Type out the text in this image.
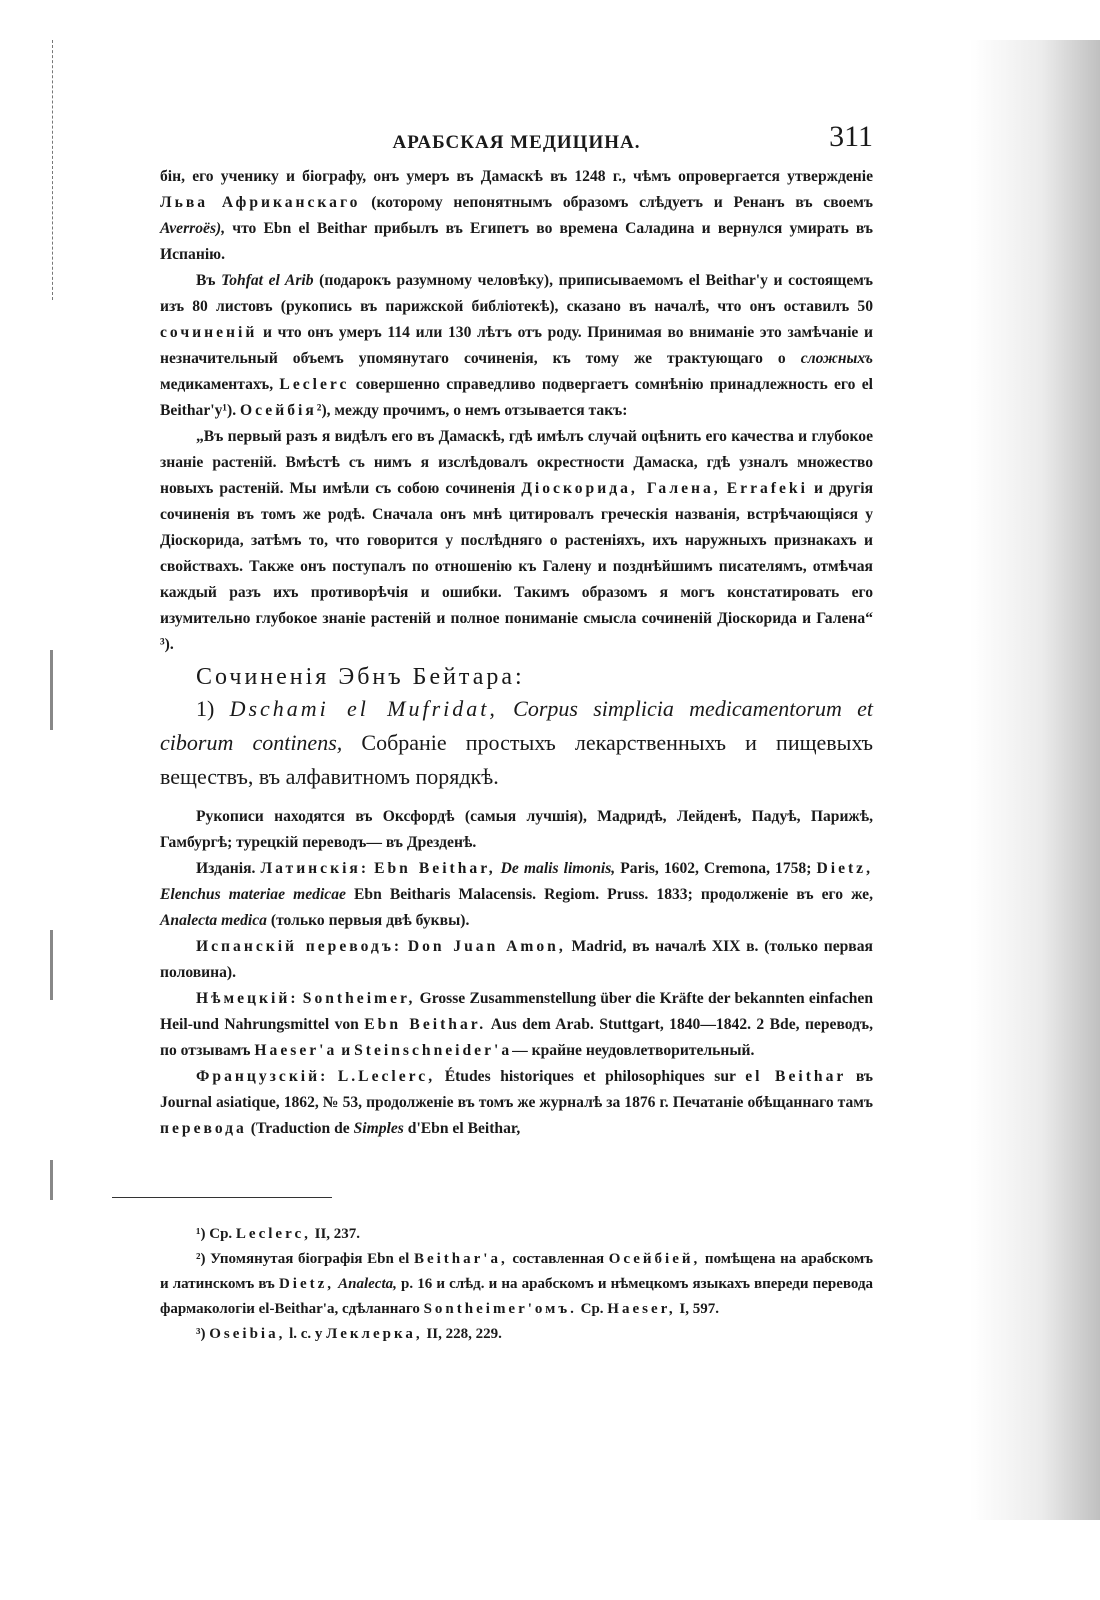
АРАБСКАЯ МЕДИЦИНА.	311

бін, его ученику и біографу, онъ умеръ въ Дамаскѣ въ 1248 г., чѣмъ опровергается утвержденіе Льва Африканскаго (которому непонятнымъ образомъ слѣдуетъ и Ренанъ въ своемъ Averroës), что Ebn el Beithar прибылъ въ Египетъ во времена Саладина и вернулся умирать въ Испанію.

Въ Tohfat el Arib (подарокъ разумному человѣку), приписываемомъ el Beithar'у и состоящемъ изъ 80 листовъ (рукопись въ парижской библіотекѣ), сказано въ началѣ, что онъ оставилъ 50 сочиненій и что онъ умеръ 114 или 130 лѣтъ отъ роду. Принимая во вниманіе это замѣчаніе и незначительный объемъ упомянутаго сочиненія, къ тому же трактующаго о сложныхъ медикаментахъ, Leclerc совершенно справедливо подвергаетъ сомнѣнію принадлежность его el Beithar'у¹). Осейбія²), между прочимъ, о немъ отзывается такъ:

„Въ первый разъ я видѣлъ его въ Дамаскѣ, гдѣ имѣлъ случай оцѣнить его качества и глубокое знаніе растеній. Вмѣстѣ съ нимъ я изслѣдовалъ окрестности Дамаска, гдѣ узналъ множество новыхъ растеній. Мы имѣли съ собою сочиненія Діоскорида, Галена, Errafeki и другія сочиненія въ томъ же родѣ. Сначала онъ мнѣ цитировалъ греческія названія, встрѣчающіяся у Діоскорида, затѣмъ то, что говорится у послѣдняго о растеніяхъ, ихъ наружныхъ признакахъ и свойствахъ. Также онъ поступалъ по отношенію къ Галену и позднѣйшимъ писателямъ, отмѣчая каждый разъ ихъ противорѣчія и ошибки. Такимъ образомъ я могъ констатировать его изумительно глубокое знаніе растеній и полное пониманіе смысла сочиненій Діоскорида и Галена“ ³).

Сочиненія Эбнъ Бейтара:
1) Dschami el Mufridat, Corpus simplicia medicamentorum et ciborum continens, Собраніе простыхъ лекарственныхъ и пищевыхъ веществъ, въ алфавитномъ порядкѣ.

Рукописи находятся въ Оксфордѣ (самыя лучшія), Мадридѣ, Лейденѣ, Падуѣ, Парижѣ, Гамбургѣ; турецкій переводъ— въ Дрезденѣ.

Изданія. Латинскія: Ebn Beithar, De malis limonis, Paris, 1602, Cremona, 1758; Dietz, Elenchus materiae medicae Ebn Beitharis Malacensis. Regiom. Pruss. 1833; продолженіе въ его же, Analecta medica (только первыя двѣ буквы).

Испанскій переводъ: Don Juan Amon, Madrid, въ началѣ XIX в. (только первая половина).

Нѣмецкій: Sontheimer, Grosse Zusammenstellung über die Kräfte der bekannten einfachen Heil-und Nahrungsmittel von Ebn Beithar. Aus dem Arab. Stuttgart, 1840—1842. 2 Bde, переводъ, по отзывамъ Haeser'a и Steinschneider'a— крайне неудовлетворительный.

Французскій: L.Leclerc, Études historiques et philosophiques sur el Beithar въ Journal asiatique, 1862, № 53, продолженіе въ томъ же журналѣ за 1876 г. Печатаніе обѣщаннаго тамъ перевода (Traduction de Simples d'Ebn el Beithar,

¹) Ср. Leclerc, II, 237.

²) Упомянутая біографія Ebn el Beithar'a, составленная Осейбіей, помѣщена на арабскомъ и латинскомъ въ Dietz, Analecta, p. 16 и слѣд. и на арабскомъ и нѣмецкомъ языкахъ впереди перевода фармакологіи el-Beithar'a, сдѣланнаго Sontheimer'омъ. Ср. Haeser, I, 597.

³) Oseibia, l. c. у Леклерка, II, 228, 229.
